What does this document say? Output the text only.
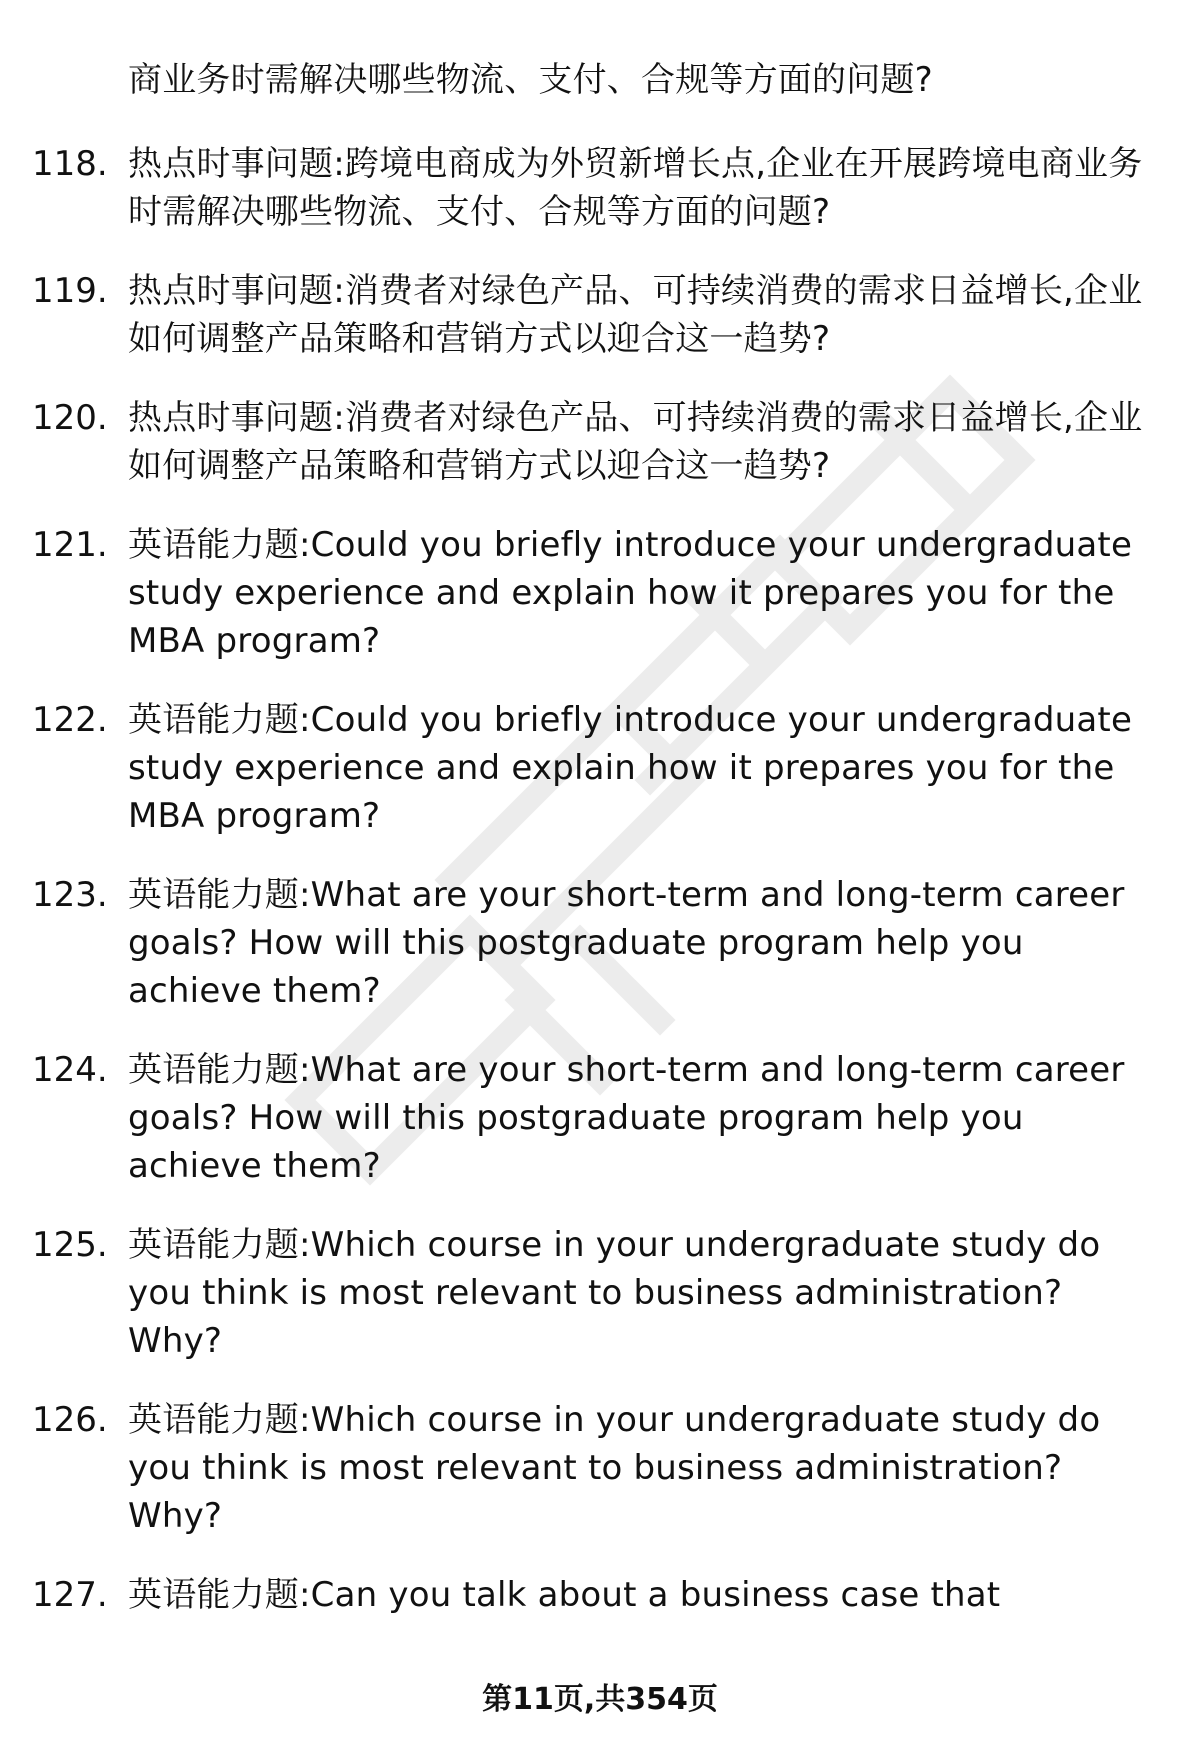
商业务时需解决哪些物流、支付、合规等方面的问题?
118. 热点时事问题:跨境电商成为外贸新增长点,企业在开展跨境电商业务时需解决哪些物流、支付、合规等方面的问题?
119. 热点时事问题:消费者对绿色产品、可持续消费的需求日益增长,企业如何调整产品策略和营销方式以迎合这一趋势?
120. 热点时事问题:消费者对绿色产品、可持续消费的需求日益增长,企业如何调整产品策略和营销方式以迎合这一趋势?
121. 英语能力题:Could you briefly introduce your undergraduate study experience and explain how it prepares you for the MBA program?
122. 英语能力题:Could you briefly introduce your undergraduate study experience and explain how it prepares you for the MBA program?
123. 英语能力题:What are your short-term and long-term career goals? How will this postgraduate program help you achieve them?
124. 英语能力题:What are your short-term and long-term career goals? How will this postgraduate program help you achieve them?
125. 英语能力题:Which course in your undergraduate study do you think is most relevant to business administration? Why?
126. 英语能力题:Which course in your undergraduate study do you think is most relevant to business administration? Why?
127. 英语能力题:Can you talk about a business case that
第11页,共354页
